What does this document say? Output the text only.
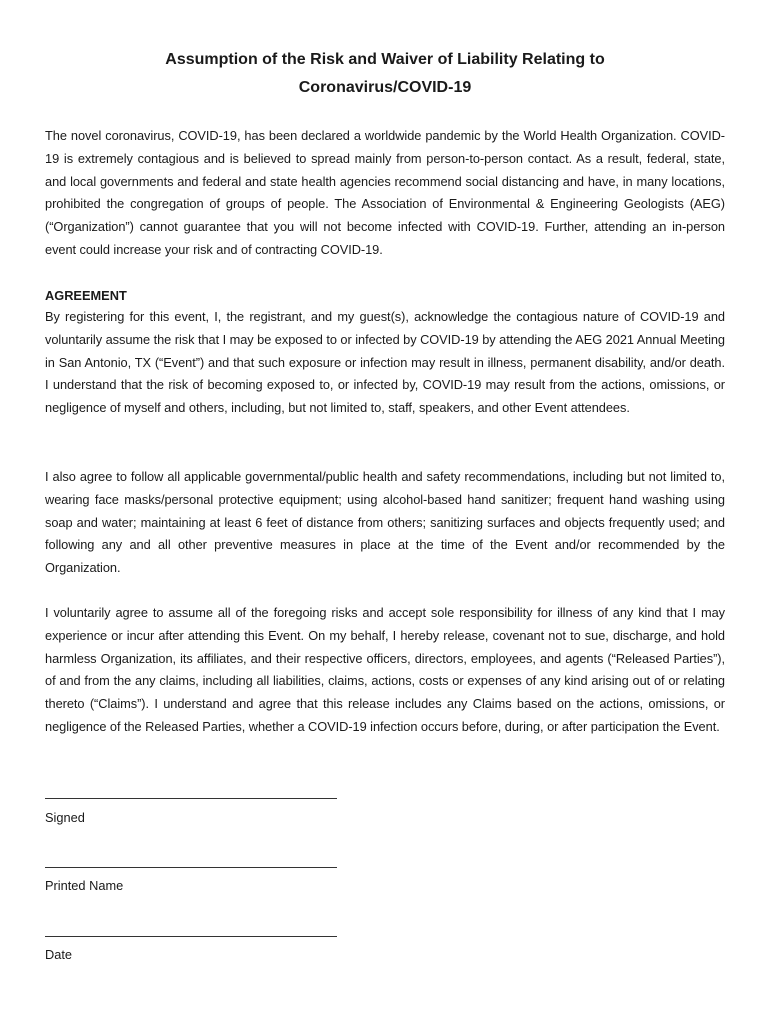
Assumption of the Risk and Waiver of Liability Relating to
Coronavirus/COVID-19

The novel coronavirus, COVID-19, has been declared a worldwide pandemic by the World Health Organization. COVID-19 is extremely contagious and is believed to spread mainly from person-to-person contact. As a result, federal, state, and local governments and federal and state health agencies recommend social distancing and have, in many locations, prohibited the congregation of groups of people. The Association of Environmental & Engineering Geologists (AEG) (“Organization”) cannot guarantee that you will not become infected with COVID-19. Further, attending an in-person event could increase your risk and of contracting COVID-19.

AGREEMENT

By registering for this event, I, the registrant, and my guest(s), acknowledge the contagious nature of COVID-19 and voluntarily assume the risk that I may be exposed to or infected by COVID-19 by attending the AEG 2021 Annual Meeting in San Antonio, TX (“Event”) and that such exposure or infection may result in illness, permanent disability, and/or death. I understand that the risk of becoming exposed to, or infected by, COVID-19 may result from the actions, omissions, or negligence of myself and others, including, but not limited to, staff, speakers, and other Event attendees.

I also agree to follow all applicable governmental/public health and safety recommendations, including but not limited to, wearing face masks/personal protective equipment; using alcohol-based hand sanitizer; frequent hand washing using soap and water; maintaining at least 6 feet of distance from others; sanitizing surfaces and objects frequently used; and following any and all other preventive measures in place at the time of the Event and/or recommended by the Organization.

I voluntarily agree to assume all of the foregoing risks and accept sole responsibility for illness of any kind that I may experience or incur after attending this Event. On my behalf, I hereby release, covenant not to sue, discharge, and hold harmless Organization, its affiliates, and their respective officers, directors, employees, and agents (“Released Parties”), of and from the any claims, including all liabilities, claims, actions, costs or expenses of any kind arising out of or relating thereto (“Claims”). I understand and agree that this release includes any Claims based on the actions, omissions, or negligence of the Released Parties, whether a COVID-19 infection occurs before, during, or after participation the Event.

Signed

Printed Name

Date
